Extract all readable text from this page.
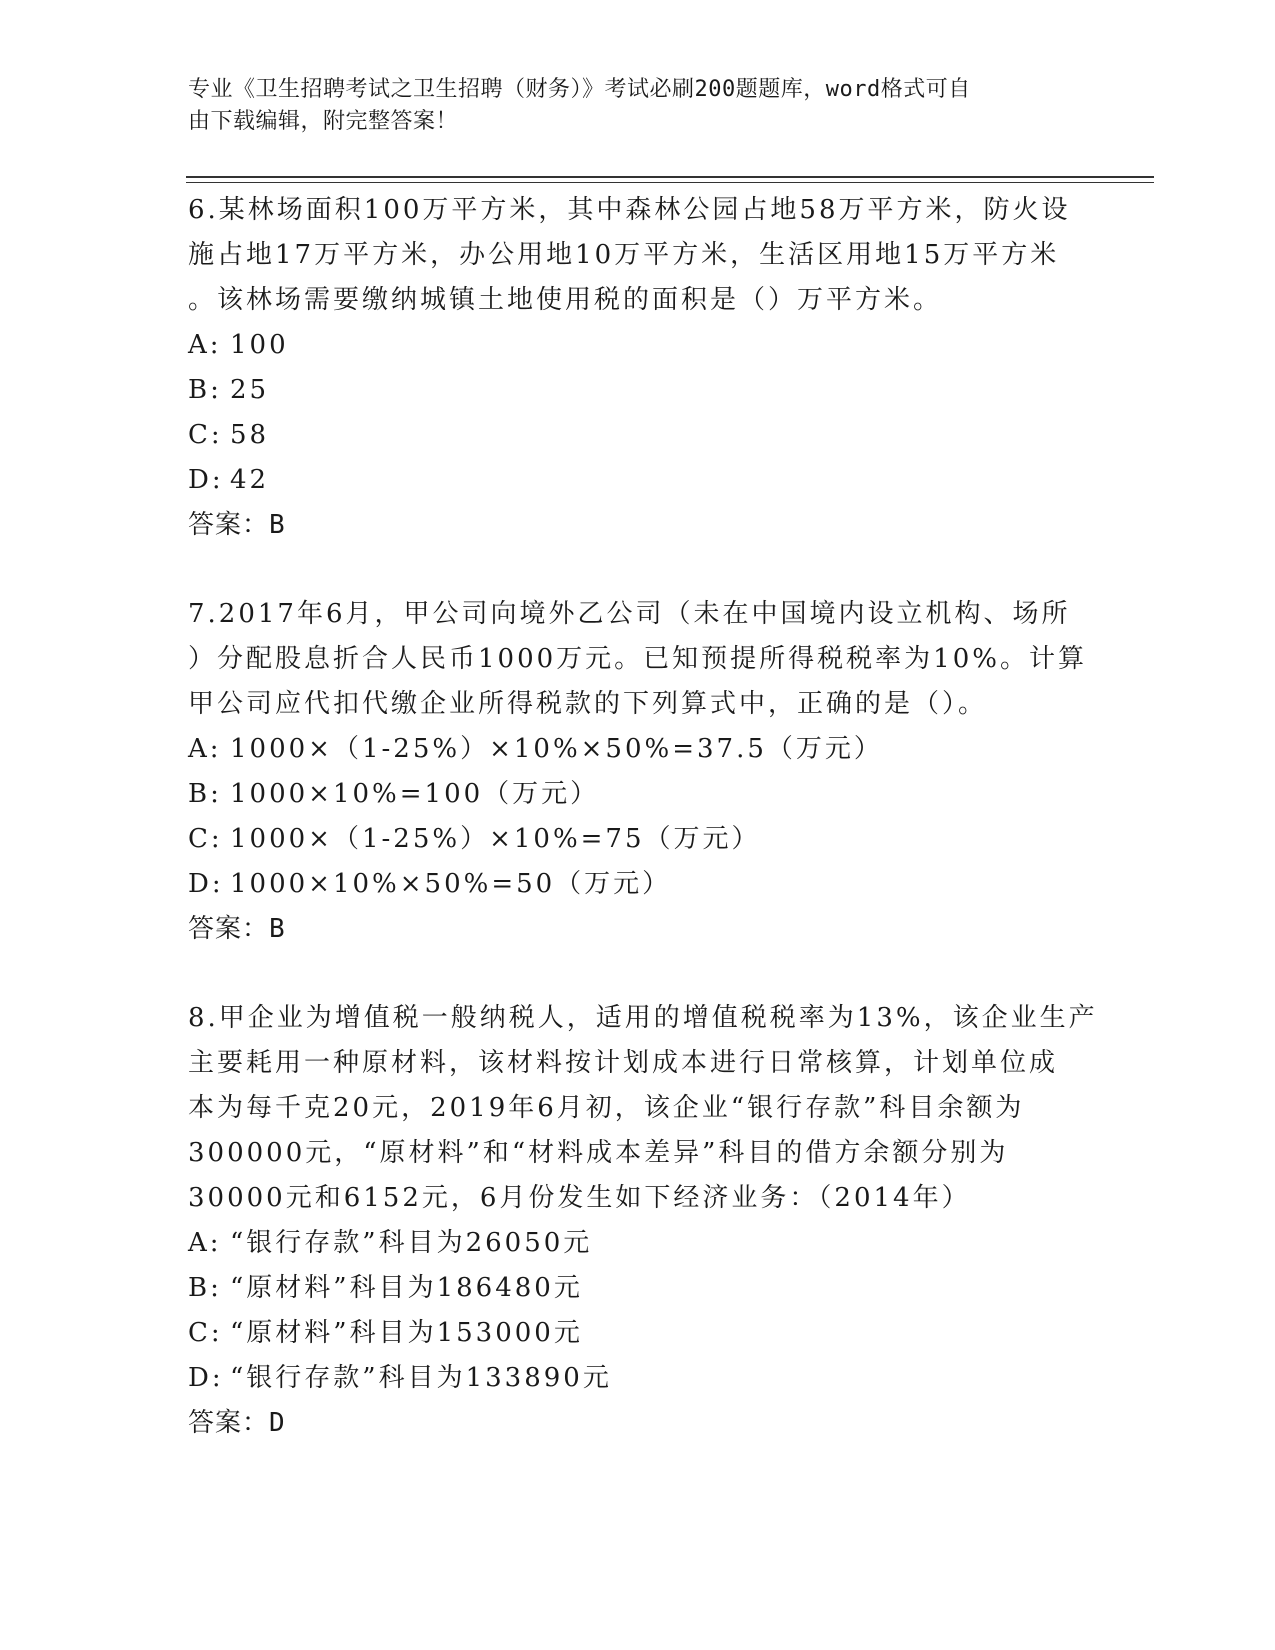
专业《卫生招聘考试之卫生招聘（财务）》考试必刷200题题库，word格式可自
由下载编辑，附完整答案！

6.某林场面积100万平方米，其中森林公园占地58万平方米，防火设

施占地17万平方米，办公用地10万平方米，生活区用地15万平方米

。该林场需要缴纳城镇土地使用税的面积是（）万平方米。

A: 100
B: 25
C: 58
D: 42
答案：B

7.2017年6月，甲公司向境外乙公司（未在中国境内设立机构、场所

）分配股息折合人民币1000万元。已知预提所得税税率为10%。计算

甲公司应代扣代缴企业所得税款的下列算式中，正确的是（）。

A: 1000×（1-25%）×10%×50%=37.5（万元）
B: 1000×10%=100（万元）
C: 1000×（1-25%）×10%=75（万元）
D: 1000×10%×50%=50（万元）
答案：B

8.甲企业为增值税一般纳税人，适用的增值税税率为13%，该企业生产

主要耗用一种原材料，该材料按计划成本进行日常核算，计划单位成

本为每千克20元，2019年6月初，该企业“银行存款”科目余额为

300000元，“原材料”和“材料成本差异”科目的借方余额分别为

30000元和6152元，6月份发生如下经济业务：（2014年）

A: “银行存款”科目为26050元
B: “原材料”科目为186480元
C: “原材料”科目为153000元
D: “银行存款”科目为133890元
答案：D
